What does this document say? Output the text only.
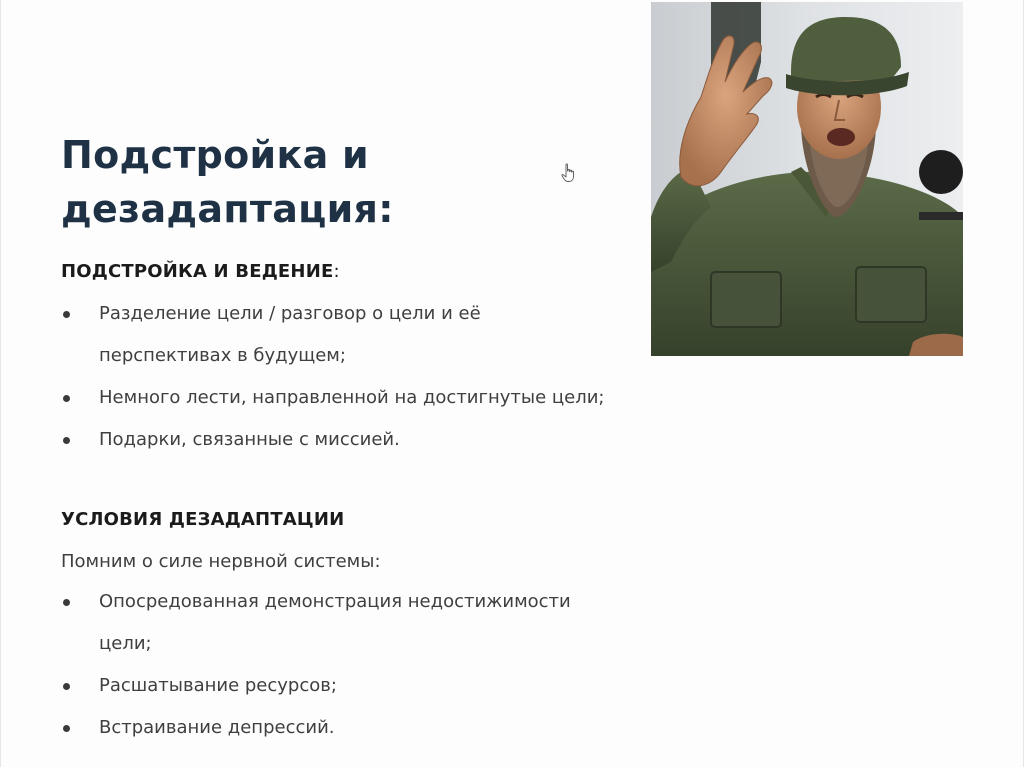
Подстройка и
дезадаптация:

ПОДСТРОЙКА И ВЕДЕНИЕ:

Разделение цели / разговор о цели и её
перспективах в будущем;
Немного лести, направленной на достигнутые цели;
Подарки, связанные с миссией.

УСЛОВИЯ ДЕЗАДАПТАЦИИ

Помним о силе нервной системы:

Опосредованная демонстрация недостижимости
цели;
Расшатывание ресурсов;
Встраивание депрессий.
